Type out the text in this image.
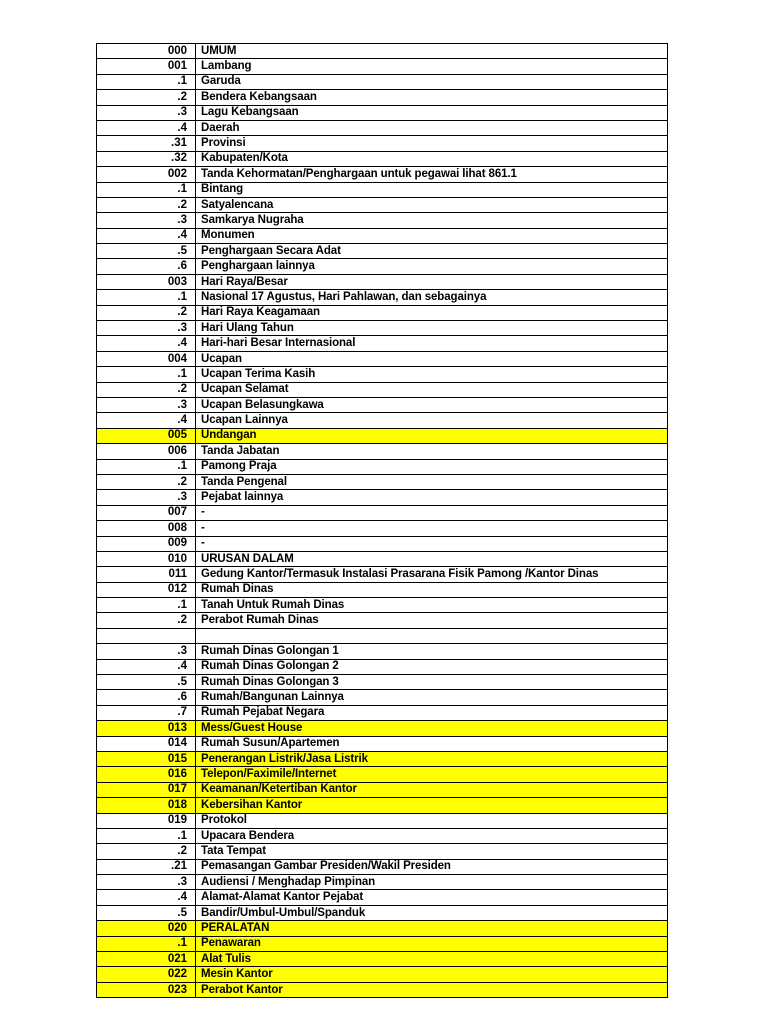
000	UMUM
001	Lambang
.1	Garuda
.2	Bendera Kebangsaan
.3	Lagu Kebangsaan
.4	Daerah
.31	Provinsi
.32	Kabupaten/Kota
002	Tanda Kehormatan/Penghargaan untuk pegawai lihat 861.1
.1	Bintang
.2	Satyalencana
.3	Samkarya Nugraha
.4	Monumen
.5	Penghargaan Secara Adat
.6	Penghargaan lainnya
003	Hari Raya/Besar
.1	Nasional 17 Agustus, Hari Pahlawan, dan sebagainya
.2	Hari Raya Keagamaan
.3	Hari Ulang Tahun
.4	Hari-hari Besar Internasional
004	Ucapan
.1	Ucapan Terima Kasih
.2	Ucapan Selamat
.3	Ucapan Belasungkawa
.4	Ucapan Lainnya
005	Undangan
006	Tanda Jabatan
.1	Pamong Praja
.2	Tanda Pengenal
.3	Pejabat lainnya
007	-
008	-
009	-
010	URUSAN DALAM
011	Gedung Kantor/Termasuk Instalasi Prasarana Fisik Pamong /Kantor Dinas
012	Rumah Dinas
.1	Tanah Untuk Rumah Dinas
.2	Perabot Rumah Dinas

.3	Rumah Dinas Golongan 1
.4	Rumah Dinas Golongan 2
.5	Rumah Dinas Golongan 3
.6	Rumah/Bangunan Lainnya
.7	Rumah Pejabat Negara
013	Mess/Guest House
014	Rumah Susun/Apartemen
015	Penerangan Listrik/Jasa Listrik
016	Telepon/Faximile/Internet
017	Keamanan/Ketertiban Kantor
018	Kebersihan Kantor
019	Protokol
.1	Upacara Bendera
.2	Tata Tempat
.21	Pemasangan Gambar Presiden/Wakil Presiden
.3	Audiensi / Menghadap Pimpinan
.4	Alamat-Alamat Kantor Pejabat
.5	Bandir/Umbul-Umbul/Spanduk
020	PERALATAN
.1	Penawaran
021	Alat Tulis
022	Mesin Kantor
023	Perabot Kantor
